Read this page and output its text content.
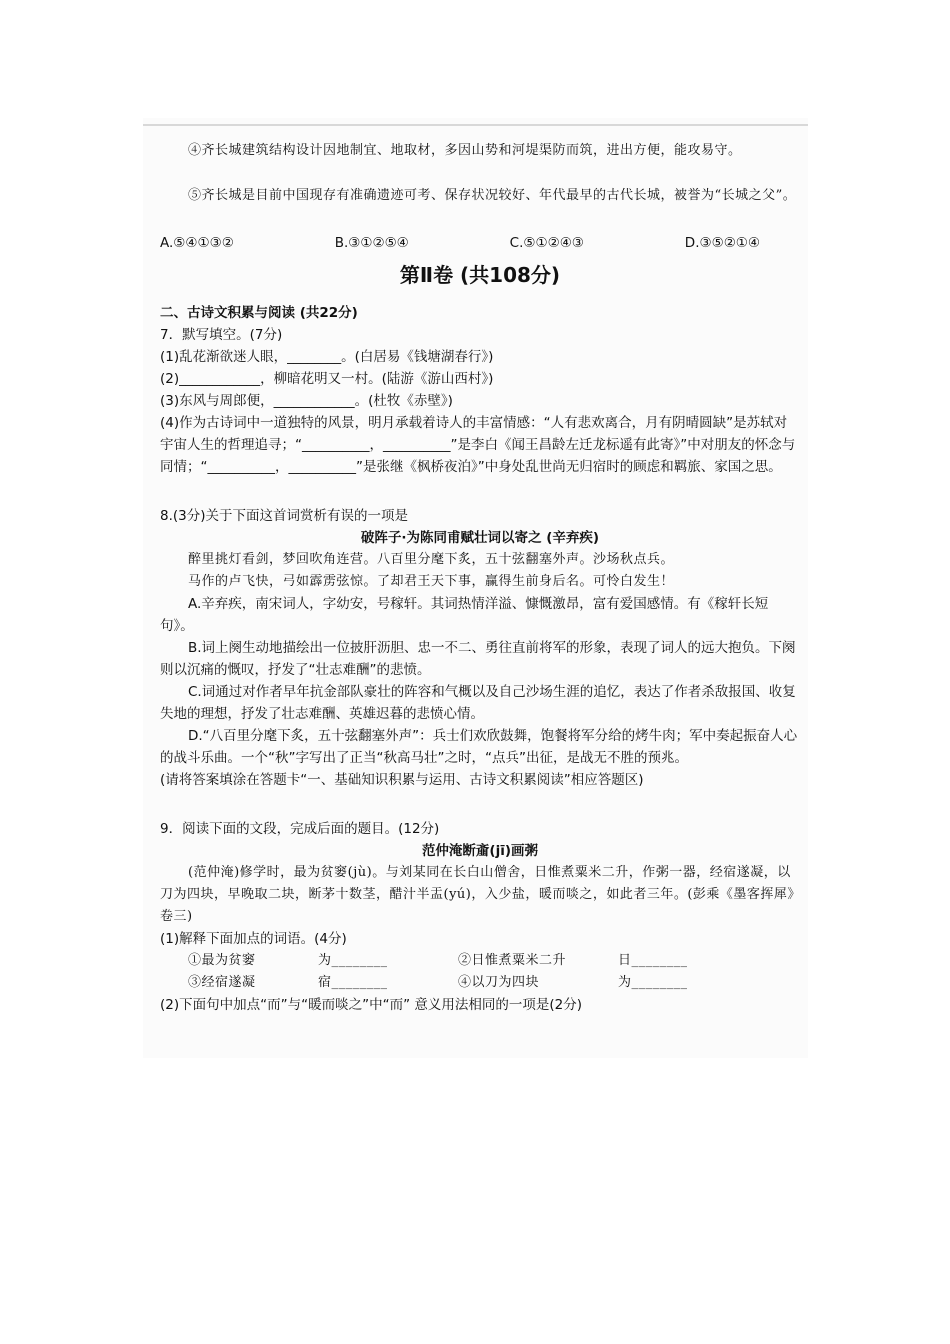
④齐长城建筑结构设计因地制宜、地取材，多因山势和河堤渠防而筑，进出方便，能攻易守。

⑤齐长城是目前中国现存有准确遗迹可考、保存状况较好、年代最早的古代长城，被誉为“长城之父”。

A.⑤④①③②	B.③①②⑤④	C.⑤①②④③	D.③⑤②①④
第Ⅱ卷 (共108分)
二、古诗文积累与阅读 (共22分)

7．默写填空。(7分)

(1)乱花渐欲迷人眼，________。(白居易《钱塘湖春行》)

(2)____________，柳暗花明又一村。(陆游《游山西村》)

(3)东风与周郎便，____________。(杜牧《赤壁》)

(4)作为古诗词中一道独特的风景，明月承载着诗人的丰富情感：“人有悲欢离合，月有阴晴圆缺”是苏轼对宇宙人生的哲理追寻；“__________，__________”是李白《闻王昌龄左迁龙标遥有此寄》”中对朋友的怀念与同情；“__________，__________”是张继《枫桥夜泊》”中身处乱世尚无归宿时的顾虑和羁旅、家国之思。

8.(3分)关于下面这首词赏析有误的一项是

破阵子·为陈同甫赋壮词以寄之 (辛弃疾)

醉里挑灯看剑，梦回吹角连营。八百里分麾下炙，五十弦翻塞外声。沙场秋点兵。

马作的卢飞快，弓如霹雳弦惊。了却君王天下事，赢得生前身后名。可怜白发生！

A.辛弃疾，南宋词人，字幼安，号稼轩。其词热情洋溢、慷慨激昂，富有爱国感情。有《稼轩长短句》。

B.词上阕生动地描绘出一位披肝沥胆、忠一不二、勇往直前将军的形象，表现了词人的远大抱负。下阕则以沉痛的慨叹，抒发了“壮志难酬”的悲愤。

C.词通过对作者早年抗金部队豪壮的阵容和气概以及自己沙场生涯的追忆，表达了作者杀敌报国、收复失地的理想，抒发了壮志难酬、英雄迟暮的悲愤心情。

D.“八百里分麾下炙，五十弦翻塞外声”：兵士们欢欣鼓舞，饱餐将军分给的烤牛肉；军中奏起振奋人心的战斗乐曲。一个“秋”字写出了正当“秋高马壮”之时，“点兵”出征，是战无不胜的预兆。

(请将答案填涂在答题卡“一、基础知识积累与运用、古诗文积累阅读”相应答题区)

9．阅读下面的文段，完成后面的题目。(12分)

范仲淹断齑(jī)画粥

(范仲淹)修学时，最为贫窭(jù)。与刘某同在长白山僧舍，日惟煮粟米二升，作粥一器，经宿遂凝，以刀为四块，早晚取二块，断茅十数茎，醋汁半盂(yú)，入少盐，暖而啖之，如此者三年。(彭乘《墨客挥犀》卷三)

(1)解释下面加点的词语。(4分)

①最为贫窭	为________	②日惟煮粟米二升	日________
③经宿遂凝	宿________	④以刀为四块	为________

(2)下面句中加点“而”与“暖而啖之”中“而” 意义用法相同的一项是(2分)
